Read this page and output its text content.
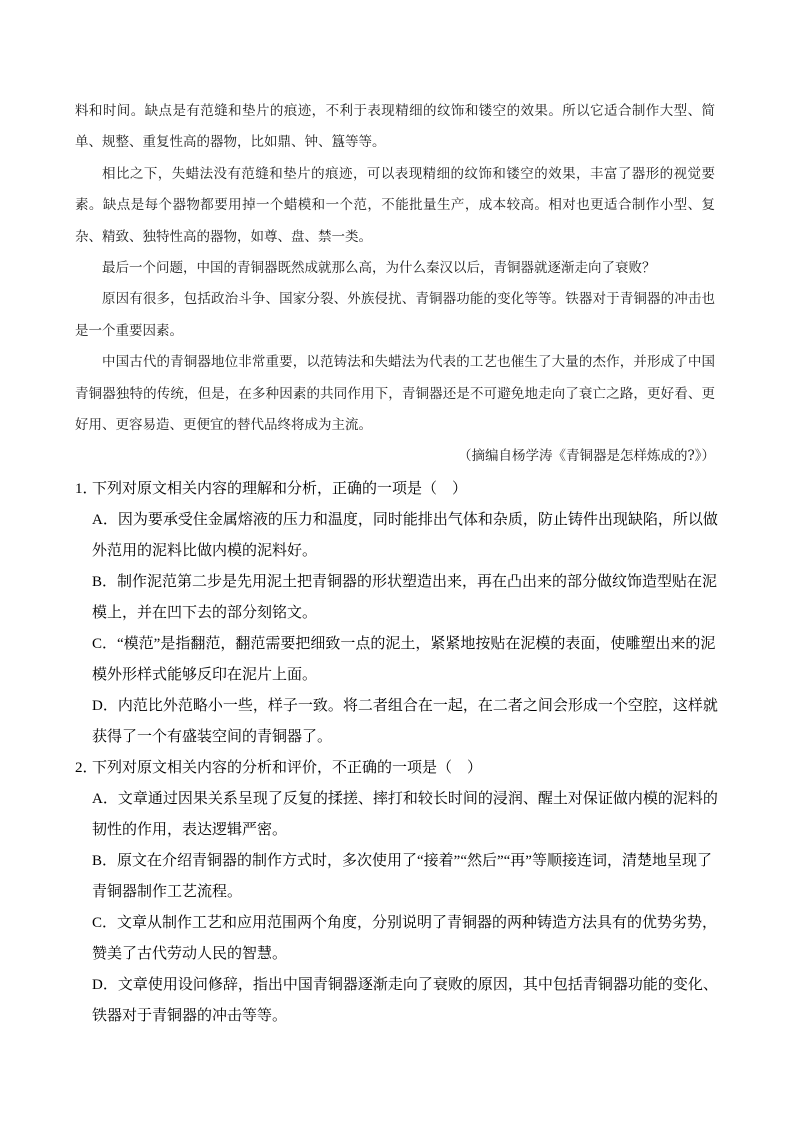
料和时间。缺点是有范缝和垫片的痕迹，不利于表现精细的纹饰和镂空的效果。所以它适合制作大型、简单、规整、重复性高的器物，比如鼎、钟、簋等等。

相比之下，失蜡法没有范缝和垫片的痕迹，可以表现精细的纹饰和镂空的效果，丰富了器形的视觉要素。缺点是每个器物都要用掉一个蜡模和一个范，不能批量生产，成本较高。相对也更适合制作小型、复杂、精致、独特性高的器物，如尊、盘、禁一类。

最后一个问题，中国的青铜器既然成就那么高，为什么秦汉以后，青铜器就逐渐走向了衰败？

原因有很多，包括政治斗争、国家分裂、外族侵扰、青铜器功能的变化等等。铁器对于青铜器的冲击也是一个重要因素。

中国古代的青铜器地位非常重要，以范铸法和失蜡法为代表的工艺也催生了大量的杰作，并形成了中国青铜器独特的传统，但是，在多种因素的共同作用下，青铜器还是不可避免地走向了衰亡之路，更好看、更好用、更容易造、更便宜的替代品终将成为主流。

（摘编自杨学涛《青铜器是怎样炼成的?》）

1．下列对原文相关内容的理解和分析，正确的一项是（　）

A．因为要承受住金属熔液的压力和温度，同时能排出气体和杂质，防止铸件出现缺陷，所以做外范用的泥料比做内模的泥料好。

B．制作泥范第二步是先用泥土把青铜器的形状塑造出来，再在凸出来的部分做纹饰造型贴在泥模上，并在凹下去的部分刻铭文。

C．“模范”是指翻范，翻范需要把细致一点的泥土，紧紧地按贴在泥模的表面，使雕塑出来的泥模外形样式能够反印在泥片上面。

D．内范比外范略小一些，样子一致。将二者组合在一起，在二者之间会形成一个空腔，这样就获得了一个有盛装空间的青铜器了。

2．下列对原文相关内容的分析和评价，不正确的一项是（　）

A．文章通过因果关系呈现了反复的揉搓、摔打和较长时间的浸润、醒土对保证做内模的泥料的韧性的作用，表达逻辑严密。

B．原文在介绍青铜器的制作方式时，多次使用了“接着”“然后”“再”等顺接连词，清楚地呈现了青铜器制作工艺流程。

C．文章从制作工艺和应用范围两个角度，分别说明了青铜器的两种铸造方法具有的优势劣势，赞美了古代劳动人民的智慧。

D．文章使用设问修辞，指出中国青铜器逐渐走向了衰败的原因，其中包括青铜器功能的变化、铁器对于青铜器的冲击等等。
